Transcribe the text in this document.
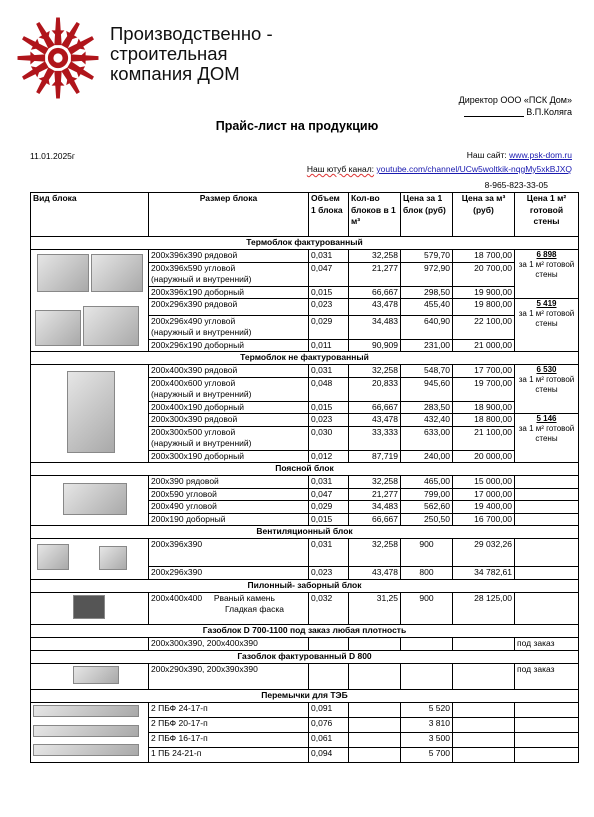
Производственно -
строительная
компания ДОМ
Директор ООО «ПСК Дом»
В.П.Коляга
Прайс-лист на продукцию
11.01.2025г	Наш сайт: www.psk-dom.ru
Наш ютуб канал: youtube.com/channel/UCw5woltkik-nqgMy5xkBJXQ
8-965-823-33-05
Вид блока	Размер блока	Объем 1 блока	Кол-во блоков в 1 м³	Цена за 1 блок (руб)	Цена за м³ (руб)	Цена 1 м² готовой стены
Термоблок фактурованный						

	200х396х390 рядовой	0,031	32,258	579,70	18 700,00	6 898
за 1 м² готовой стены

	200х396х590 угловой
(наружный и внутренний)	0,047	21,277	972,90	20 700,00	
	200х396х190 доборный	0,015	66,667	298,50	19 900,00	
	200х296х390 рядовой	0,023	43,478	455,40	19 800,00	5 419
за 1 м² готовой стены

	200х296х490 угловой
(наружный и внутренний)	0,029	34,483	640,90	22 100,00	
	200х296х190 доборный	0,011	90,909	231,00	21 000,00	
Термоблок не фактурованный						
	200х400х390 рядовой	0,031	32,258	548,70	17 700,00	6 530
за 1 м² готовой стены

	200х400х600 угловой
(наружный и внутренний)	0,048	20,833	945,60	19 700,00	
	200х400х190 доборный	0,015	66,667	283,50	18 900,00	
	200х300х390 рядовой	0,023	43,478	432,40	18 800,00	5 146
за 1 м² готовой стены

	200х300х500 угловой
(наружный и внутренний)	0,030	33,333	633,00	21 100,00	
	200х300х190 доборный	0,012	87,719	240,00	20 000,00	
Поясной блок						
	200х390 рядовой	0,031	32,258	465,00	15 000,00	
	200х590 угловой	0,047	21,277	799,00	17 000,00	
	200х490 угловой	0,029	34,483	562,60	19 400,00	
	200х190 доборный	0,015	66,667	250,50	16 700,00	
Вентиляционный блок						
	200х396х390	0,031	32,258	900	29 032,26	
	200х296х390	0,023	43,478	800	34 782,61	
Пилонный- заборный блок						
	200х400х400 Рваный камень
Гладкая фаска	0,032	31,25	900	28 125,00	
Газоблок D 700-1100 под заказ любая плотность						
	200х300х390, 200х400х390					под заказ
Газоблок фактурованный D 800						
	200х290х390, 200х390х390					под заказ
Перемычки для ТЭБ						

	2 ПБФ 24-17-п	0,091		5 520		
	2 ПБФ 20-17-п	0,076		3 810		
	2 ПБФ 16-17-п	0,061		3 500		
	1 ПБ 24-21-п	0,094		5 700		
